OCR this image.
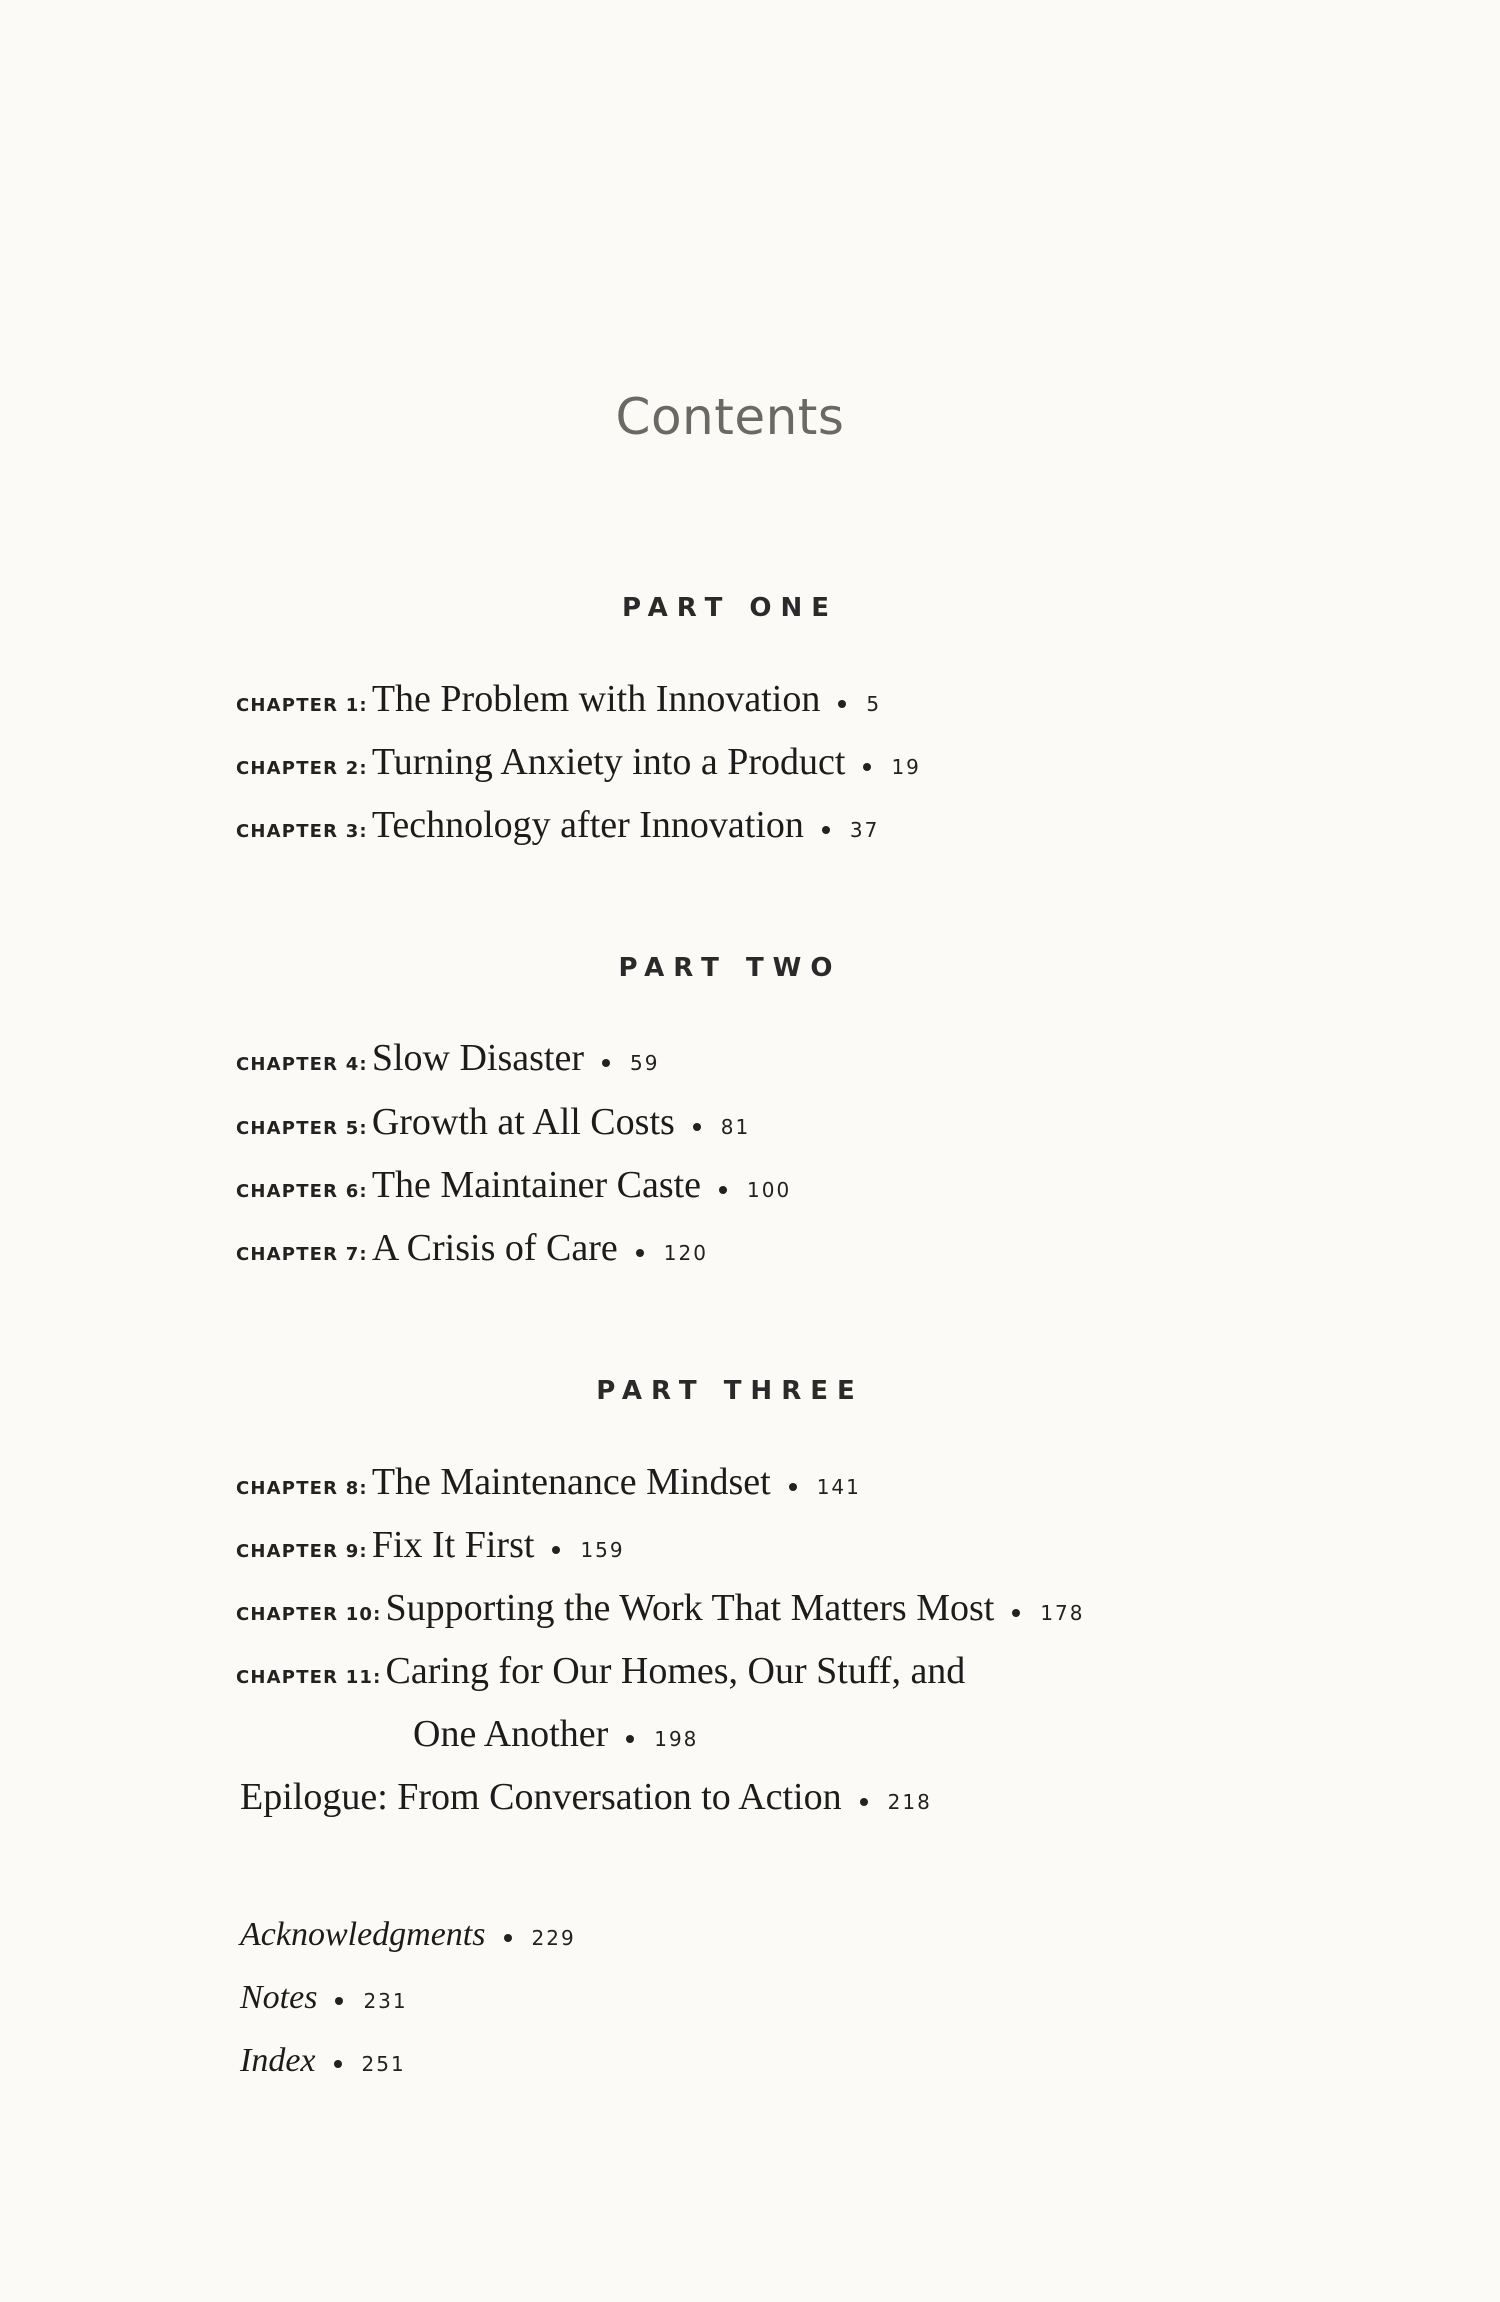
Contents
PART ONE
CHAPTER 1: The Problem with Innovation 5
CHAPTER 2: Turning Anxiety into a Product 19
CHAPTER 3: Technology after Innovation 37
PART TWO
CHAPTER 4: Slow Disaster 59
CHAPTER 5: Growth at All Costs 81
CHAPTER 6: The Maintainer Caste 100
CHAPTER 7: A Crisis of Care 120
PART THREE
CHAPTER 8: The Maintenance Mindset 141
CHAPTER 9: Fix It First 159
CHAPTER 10: Supporting the Work That Matters Most 178
CHAPTER 11: Caring for Our Homes, Our Stuff, and
One Another 198
Epilogue: From Conversation to Action 218
Acknowledgments 229
Notes 231
Index 251
